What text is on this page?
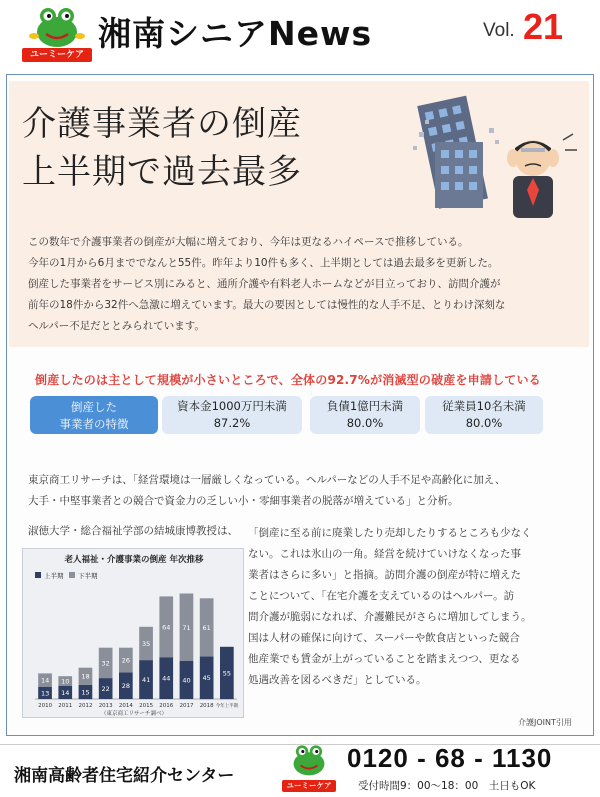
ユーミーケア
湘南シニアNews	Vol. 21
介護事業者の倒産
上半期で過去最多

この数年で介護事業者の倒産が大幅に増えており、今年は更なるハイペースで推移している。

今年の1月から6月まででなんと55件。昨年より10件も多く、上半期としては過去最多を更新した。

倒産した事業者をサービス別にみると、通所介護や有料老人ホームなどが目立っており、訪問介護が

前年の18件から32件へ急激に増えています。最大の要因としては慢性的な人手不足、とりわけ深刻な

ヘルパー不足だととみられています。

倒産したのは主として規模が小さいところで、全体の92.7%が消滅型の破産を申請している
倒産した
事業者の特徴
資本金1000万円未満
87.2%
負債1億円未満
80.0%
従業員10名未満
80.0%

東京商工リサーチは、「経営環境は一層厳しくなっている。ヘルパーなどの人手不足や高齢化に加え、

大手・中堅事業者との競合で資金力の乏しい小・零細事業者の脱落が増えている」と分析。

淑徳大学・総合福祉学部の結城康博教授は、 「倒産に至る前に廃業したり売却したりするところも少なく

ない。これは氷山の一角。経営を続けていけなくなった事

業者はさらに多い」と指摘。訪問介護の倒産が特に増えた

ことについて、「在宅介護を支えているのはヘルパー。訪

問介護が脆弱になれば、介護難民がさらに増加してしまう。

国は人材の確保に向けて、スーパーや飲食店といった競合

他産業でも賃金が上がっていることを踏まえつつ、更なる

処遇改善を図るべきだ」としている。

老人福祉・介護事業の倒産 年次推移
上半期 下半期
13
14
2010
14
10
2011
15
18
2012
22
32
2013
28
26
2014
41
35
2015
44
64
2016
40
71
2017
45
61
2018
55
今年上半期
（東京商工リサーチ調べ）
介護JOINT引用
湘南高齢者住宅紹介センター	ユーミーケア
0120 - 68 - 1130
受付時間9：00～18：00　土日もOK
